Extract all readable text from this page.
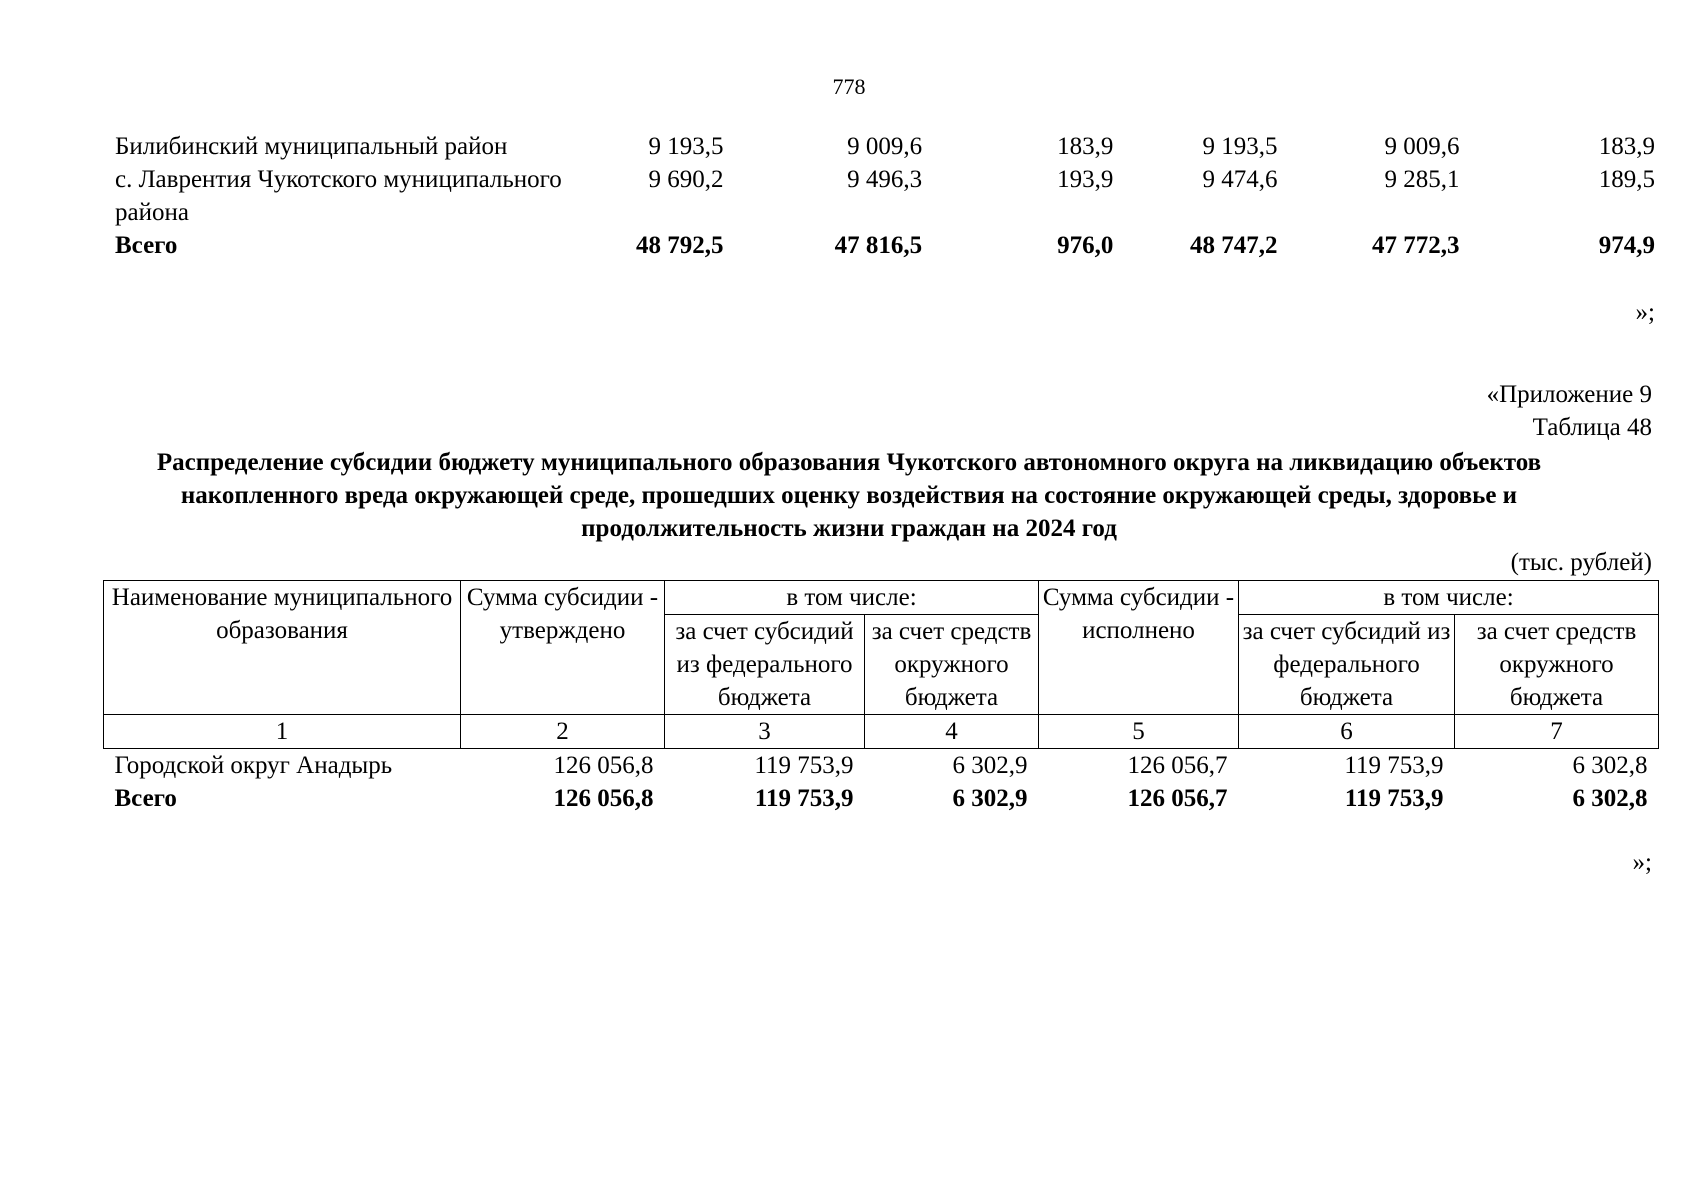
778
Билибинский муниципальный район	9 193,5	9 009,6	183,9	9 193,5	9 009,6	183,9
с. Лаврентия Чукотского муниципального района	9 690,2	9 496,3	193,9	9 474,6	9 285,1	189,5
Всего	48 792,5	47 816,5	976,0	48 747,2	47 772,3	974,9
»;
«Приложение 9
Таблица 48
Распределение субсидии бюджету муниципального образования Чукотского автономного округа на ликвидацию объектов накопленного вреда окружающей среде, прошедших оценку воздействия на состояние окружающей среды, здоровье и продолжительность жизни граждан на 2024 год
(тыс. рублей)
Наименование муниципального образования	Сумма субсидии - утверждено	в том числе:		Сумма субсидии - исполнено	в том числе:	
		за счет субсидий из федерального бюджета	за счет средств окружного бюджета		за счет субсидий из федерального бюджета	за счет средств окружного бюджета
1	2	3	4	5	6	7
Городской округ Анадырь	126 056,8	119 753,9	6 302,9	126 056,7	119 753,9	6 302,8
Всего	126 056,8	119 753,9	6 302,9	126 056,7	119 753,9	6 302,8
»;
